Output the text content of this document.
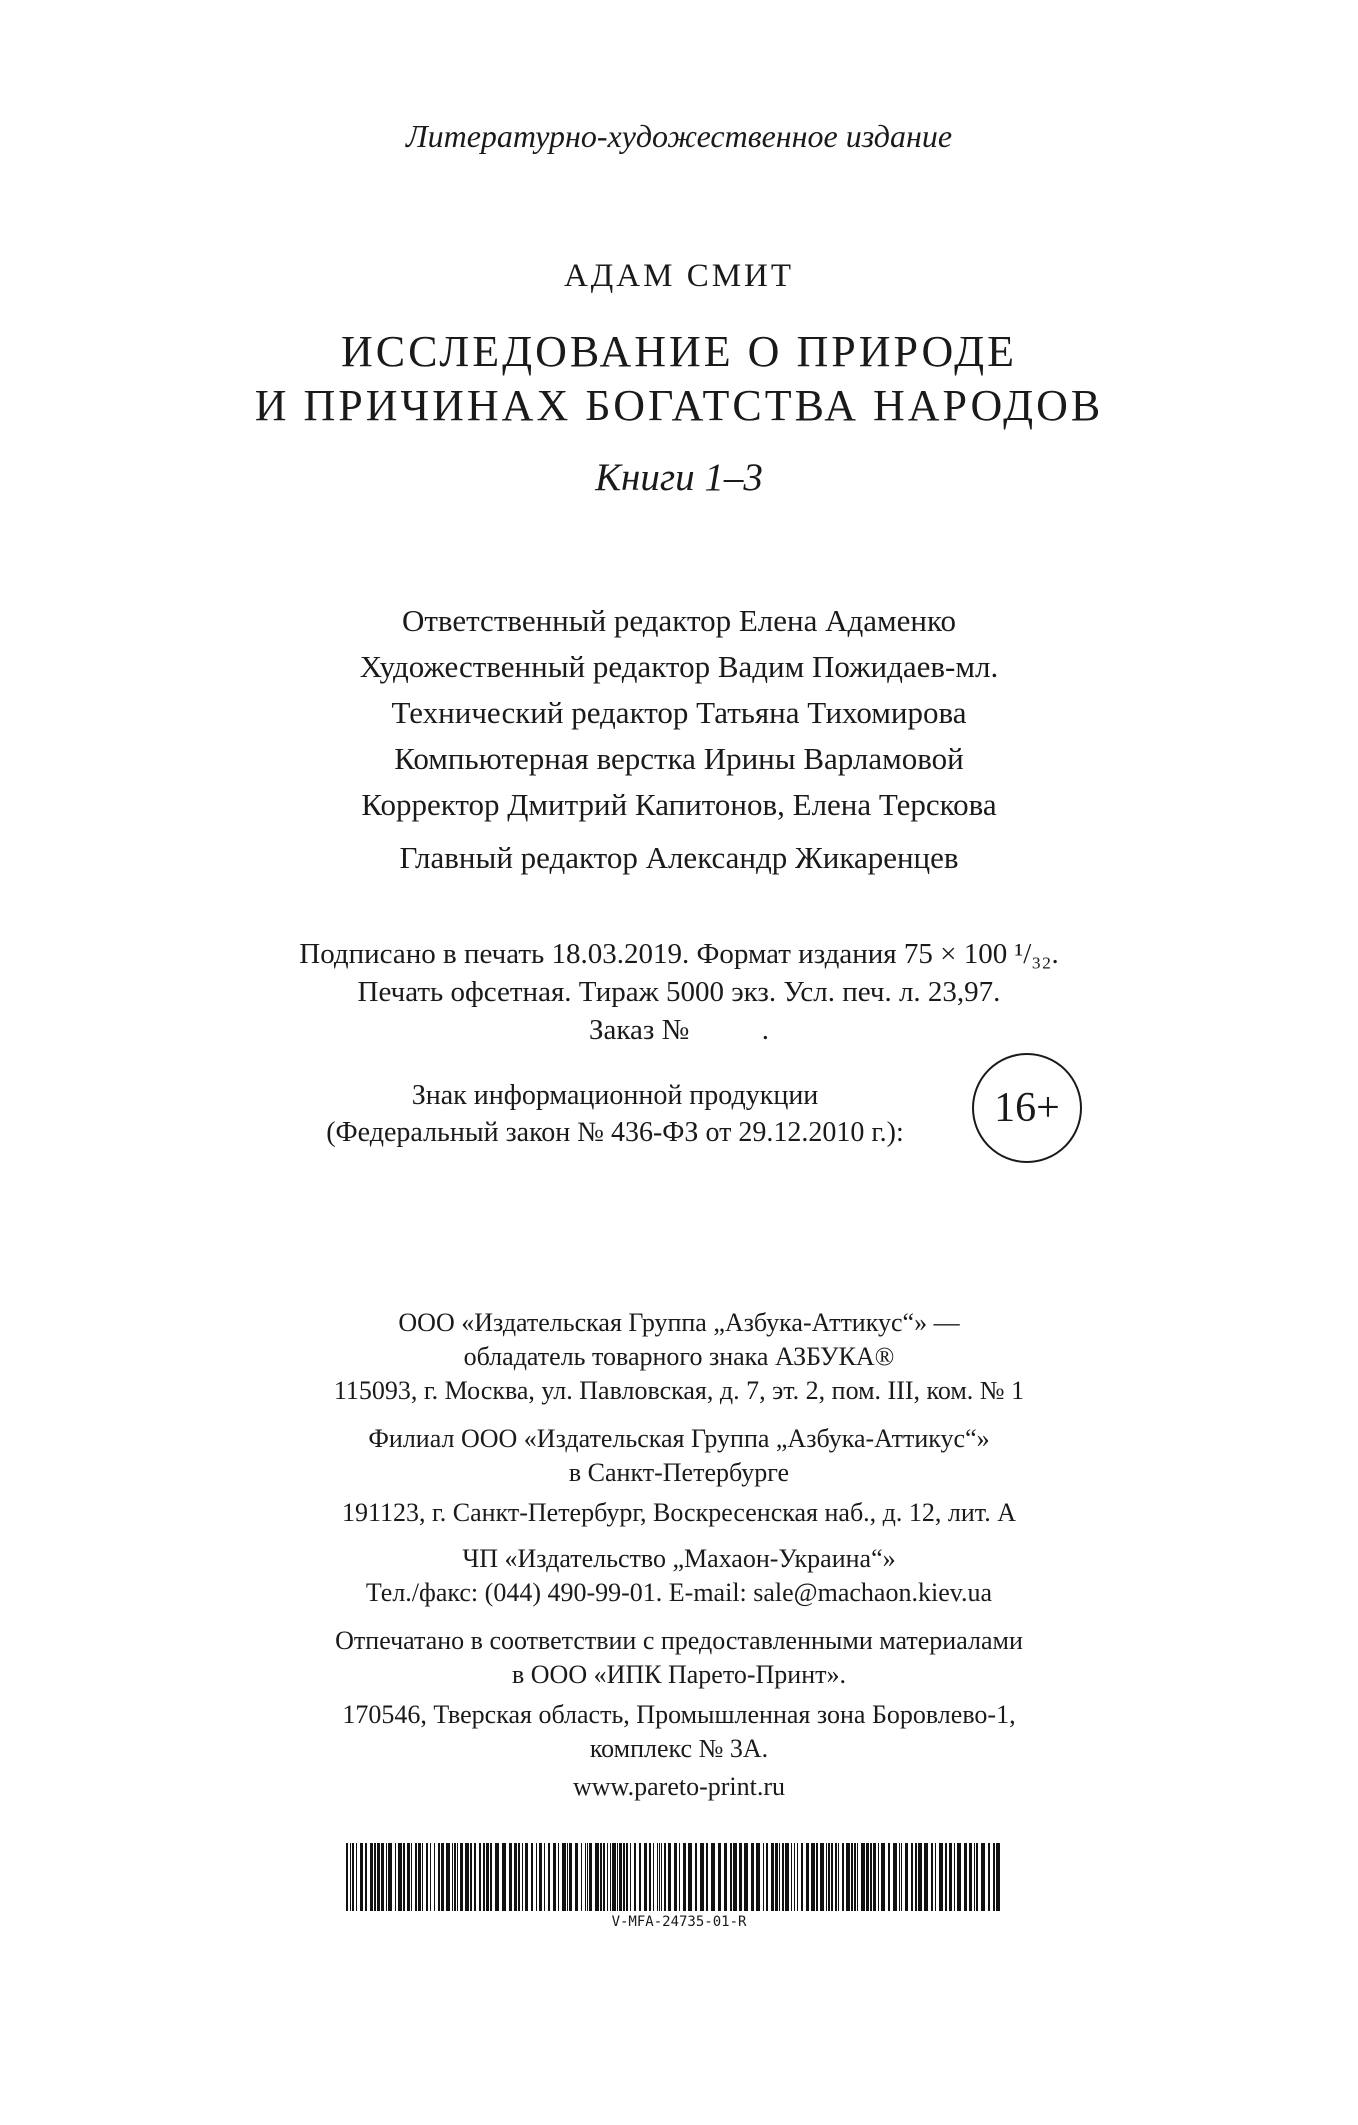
Литературно-художественное издание
АДАМ СМИТ
ИССЛЕДОВАНИЕ О ПРИРОДЕ
И ПРИЧИНАХ БОГАТСТВА НАРОДОВ
Книги 1–3
Ответственный редактор Елена Адаменко
Художественный редактор Вадим Пожидаев-мл.
Технический редактор Татьяна Тихомирова
Компьютерная верстка Ирины Варламовой
Корректор Дмитрий Капитонов, Елена Терскова
Главный редактор Александр Жикаренцев
Подписано в печать 18.03.2019. Формат издания 75 × 100 ¹/₃₂.
Печать офсетная. Тираж 5000 экз. Усл. печ. л. 23,97.
Заказ №          .
Знак информационной продукции
(Федеральный закон № 436-ФЗ от 29.12.2010 г.):
16+
ООО «Издательская Группа „Азбука-Аттикус“» —
обладатель товарного знака АЗБУКА®
115093, г. Москва, ул. Павловская, д. 7, эт. 2, пом. III, ком. № 1
Филиал ООО «Издательская Группа „Азбука-Аттикус“»
в Санкт-Петербурге
191123, г. Санкт-Петербург, Воскресенская наб., д. 12, лит. А
ЧП «Издательство „Махаон-Украина“»
Тел./факс: (044) 490-99-01. E-mail: sale@machaon.kiev.ua
Отпечатано в соответствии с предоставленными материалами
в ООО «ИПК Парето-Принт».
170546, Тверская область, Промышленная зона Боровлево-1,
комплекс № 3А.
www.pareto-print.ru
V-MFA-24735-01-R
